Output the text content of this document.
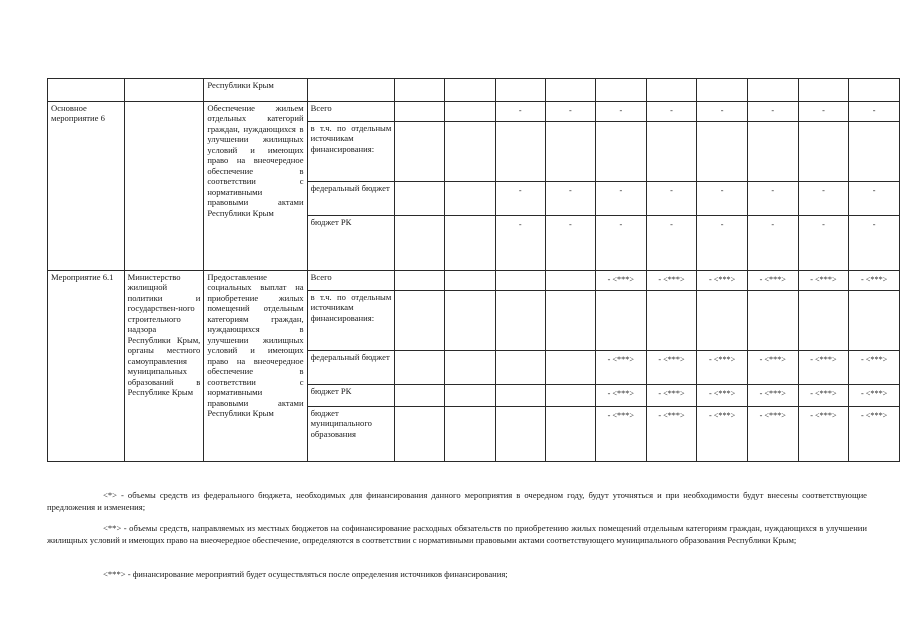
		Республики Крым											
Основное мероприятие 6		Обеспечение жильем отдельных категорий граждан, нуждающихся в улучшении жилищных условий и имеющих право на внеочередное обеспечение в соответствии с нормативными правовыми актами Республики Крым	Всего			-	-	-	-	-	-	-	-
			в т.ч. по отдельным источникам финансирования:										
			федеральный бюджет			-	-	-	-	-	-	-	-
			бюджет РК			-	-	-	-	-	-	-	-
Мероприятие 6.1	Министерство жилищной политики и государствен-ного строительного надзора Республики Крым, органы местного самоуправления муниципальных образований в Республике Крым	Предоставление социальных выплат на приобретение жилых помещений отдельным категориям граждан, нуждающихся в улучшении жилищных условий и имеющих право на внеочередное обеспечение в соответствии с нормативными правовыми актами Республики Крым	Всего					- <***>	- <***>	- <***>	- <***>	- <***>	- <***>
			в т.ч. по отдельным источникам финансирования:										
			федеральный бюджет					- <***>	- <***>	- <***>	- <***>	- <***>	- <***>
			бюджет РК					- <***>	- <***>	- <***>	- <***>	- <***>	- <***>
			бюджет муниципального образования					- <***>	- <***>	- <***>	- <***>	- <***>	- <***>

<*> - объемы средств из федерального бюджета, необходимых для финансирования данного мероприятия в очередном году, будут уточняться и при необходимости будут внесены соответствующие предложения и изменения;

<**> - объемы средств, направляемых из местных бюджетов на софинансирование расходных обязательств по приобретению жилых помещений отдельным категориям граждан, нуждающихся в улучшении жилищных условий и имеющих право на внеочередное обеспечение, определяются в соответствии с нормативными правовыми актами соответствующего муниципального образования Республики Крым;

<***> - финансирование мероприятий будет осуществляться после определения источников финансирования;
